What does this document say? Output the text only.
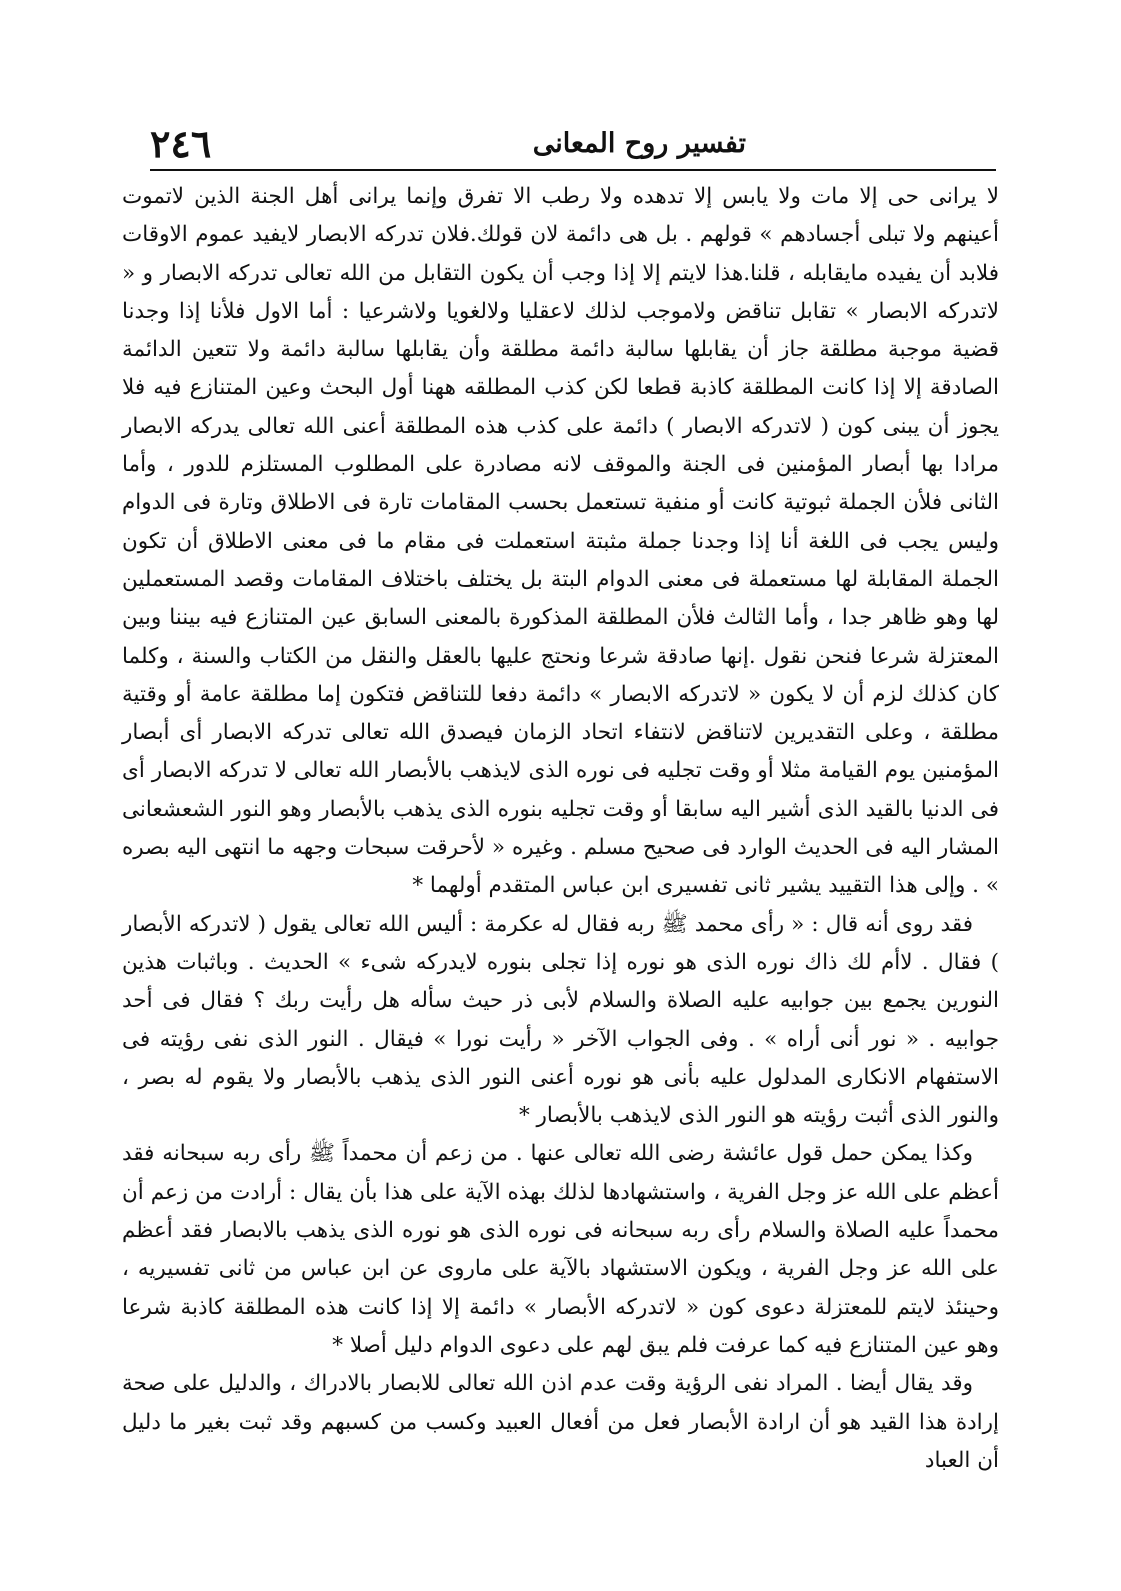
٢٤٦	تفسير روح المعانى

لا يرانى حى إلا مات ولا يابس إلا تدهده ولا رطب الا تفرق وإنما يرانى أهل الجنة الذين لاتموت أعينهم ولا تبلى أجسادهم » قولهم . بل هى دائمة لان قولك.فلان تدركه الابصار لايفيد عموم الاوقات فلابد أن يفيده مايقابله ، قلنا.هذا لايتم إلا إذا وجب أن يكون التقابل من الله تعالى تدركه الابصار و « لاتدركه الابصار » تقابل تناقض ولاموجب لذلك لاعقليا ولالغويا ولاشرعيا : أما الاول فلأنا إذا وجدنا قضية موجبة مطلقة جاز أن يقابلها سالبة دائمة مطلقة وأن يقابلها سالبة دائمة ولا تتعين الدائمة الصادقة إلا إذا كانت المطلقة كاذبة قطعا لكن كذب المطلقه ههنا أول البحث وعين المتنازع فيه فلا يجوز أن يبنى كون ( لاتدركه الابصار ) دائمة على كذب هذه المطلقة أعنى الله تعالى يدركه الابصار مرادا بها أبصار المؤمنين فى الجنة والموقف لانه مصادرة على المطلوب المستلزم للدور ، وأما الثانى فلأن الجملة ثبوتية كانت أو منفية تستعمل بحسب المقامات تارة فى الاطلاق وتارة فى الدوام وليس يجب فى اللغة أنا إذا وجدنا جملة مثبتة استعملت فى مقام ما فى معنى الاطلاق أن تكون الجملة المقابلة لها مستعملة فى معنى الدوام البتة بل يختلف باختلاف المقامات وقصد المستعملين لها وهو ظاهر جدا ، وأما الثالث فلأن المطلقة المذكورة بالمعنى السابق عين المتنازع فيه بيننا وبين المعتزلة شرعا فنحن نقول .إنها صادقة شرعا ونحتج عليها بالعقل والنقل من الكتاب والسنة ، وكلما كان كذلك لزم أن لا يكون « لاتدركه الابصار » دائمة دفعا للتناقض فتكون إما مطلقة عامة أو وقتية مطلقة ، وعلى التقديرين لاتناقض لانتفاء اتحاد الزمان فيصدق الله تعالى تدركه الابصار أى أبصار المؤمنين يوم القيامة مثلا أو وقت تجليه فى نوره الذى لايذهب بالأبصار الله تعالى لا تدركه الابصار أى فى الدنيا بالقيد الذى أشير اليه سابقا أو وقت تجليه بنوره الذى يذهب بالأبصار وهو النور الشعشعانى المشار اليه فى الحديث الوارد فى صحيح مسلم . وغيره « لأحرقت سبحات وجهه ما انتهى اليه بصره » . وإلى هذا التقييد يشير ثانى تفسيرى ابن عباس المتقدم أولهما *

فقد روى أنه قال : « رأى محمد ﷺ ربه فقال له عكرمة : أليس الله تعالى يقول ( لاتدركه الأبصار ) فقال . لاأم لك ذاك نوره الذى هو نوره إذا تجلى بنوره لايدركه شىء » الحديث . وباثبات هذين النورين يجمع بين جوابيه عليه الصلاة والسلام لأبى ذر حيث سأله هل رأيت ربك ؟ فقال فى أحد جوابيه . « نور أنى أراه » . وفى الجواب الآخر « رأيت نورا » فيقال . النور الذى نفى رؤيته فى الاستفهام الانكارى المدلول عليه بأنى هو نوره أعنى النور الذى يذهب بالأبصار ولا يقوم له بصر ، والنور الذى أثبت رؤيته هو النور الذى لايذهب بالأبصار *

وكذا يمكن حمل قول عائشة رضى الله تعالى عنها . من زعم أن محمداً ﷺ رأى ربه سبحانه فقد أعظم على الله عز وجل الفرية ، واستشهادها لذلك بهذه الآية على هذا بأن يقال : أرادت من زعم أن محمداً عليه الصلاة والسلام رأى ربه سبحانه فى نوره الذى هو نوره الذى يذهب بالابصار فقد أعظم على الله عز وجل الفرية ، ويكون الاستشهاد بالآية على ماروى عن ابن عباس من ثانى تفسيريه ، وحينئذ لايتم للمعتزلة دعوى كون « لاتدركه الأبصار » دائمة إلا إذا كانت هذه المطلقة كاذبة شرعا وهو عين المتنازع فيه كما عرفت فلم يبق لهم على دعوى الدوام دليل أصلا *

وقد يقال أيضا . المراد نفى الرؤية وقت عدم اذن الله تعالى للابصار بالادراك ، والدليل على صحة إرادة هذا القيد هو أن ارادة الأبصار فعل من أفعال العبيد وكسب من كسبهم وقد ثبت بغير ما دليل أن العباد
